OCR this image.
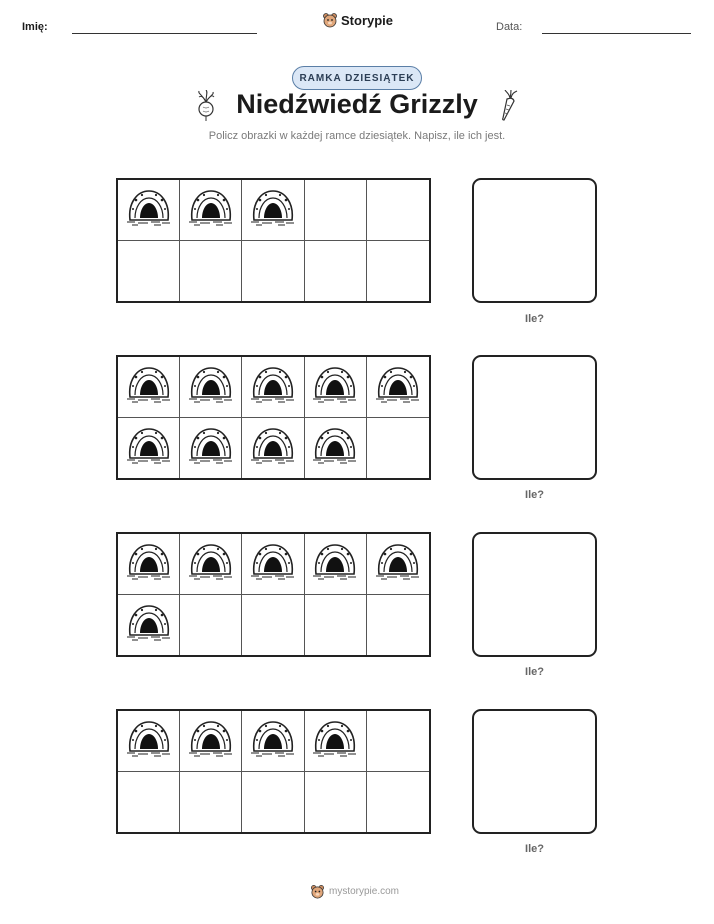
Imię:	Storypie	Data:
RAMKA DZIESIĄTEK
Niedźwiedź Grizzly
Policz obrazki w każdej ramce dziesiątek. Napisz, ile ich jest.
Ile?
Ile?
Ile?
Ile?
mystorypie.com
